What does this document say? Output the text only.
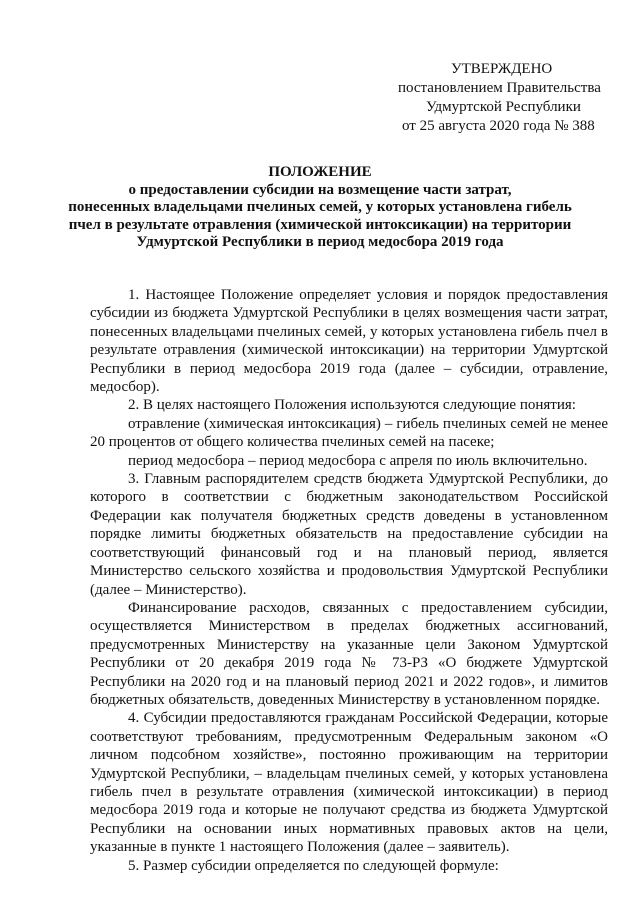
УТВЕРЖДЕНО
постановлением Правительства
Удмуртской Республики
от 25 августа 2020 года № 388
ПОЛОЖЕНИЕ
о предоставлении субсидии на возмещение части затрат,
понесенных владельцами пчелиных семей, у которых установлена гибель
пчел в результате отравления (химической интоксикации) на территории
Удмуртской Республики в период медосбора 2019 года

1. Настоящее Положение определяет условия и порядок предоставления субсидии из бюджета Удмуртской Республики в целях возмещения части затрат, понесенных владельцами пчелиных семей, у которых установлена гибель пчел в результате отравления (химической интоксикации) на территории Удмуртской Республики в период медосбора 2019 года (далее – субсидии, отравление, медосбор).

2. В целях настоящего Положения используются следующие понятия:

отравление (химическая интоксикация) – гибель пчелиных семей не менее 20 процентов от общего количества пчелиных семей на пасеке;

период медосбора – период медосбора с апреля по июль включительно.

3. Главным распорядителем средств бюджета Удмуртской Республики, до которого в соответствии с бюджетным законодательством Российской Федерации как получателя бюджетных средств доведены в установленном порядке лимиты бюджетных обязательств на предоставление субсидии на соответствующий финансовый год и на плановый период, является Министерство сельского хозяйства и продовольствия Удмуртской Республики (далее – Министерство).

Финансирование расходов, связанных с предоставлением субсидии, осуществляется Министерством в пределах бюджетных ассигнований, предусмотренных Министерству на указанные цели Законом Удмуртской Республики от 20 декабря 2019 года № 73-РЗ «О бюджете Удмуртской Республики на 2020 год и на плановый период 2021 и 2022 годов», и лимитов бюджетных обязательств, доведенных Министерству в установленном порядке.

4. Субсидии предоставляются гражданам Российской Федерации, которые соответствуют требованиям, предусмотренным Федеральным законом «О личном подсобном хозяйстве», постоянно проживающим на территории Удмуртской Республики, – владельцам пчелиных семей, у которых установлена гибель пчел в результате отравления (химической интоксикации) в период медосбора 2019 года и которые не получают средства из бюджета Удмуртской Республики на основании иных нормативных правовых актов на цели, указанные в пункте 1 настоящего Положения (далее – заявитель).

5. Размер субсидии определяется по следующей формуле:
